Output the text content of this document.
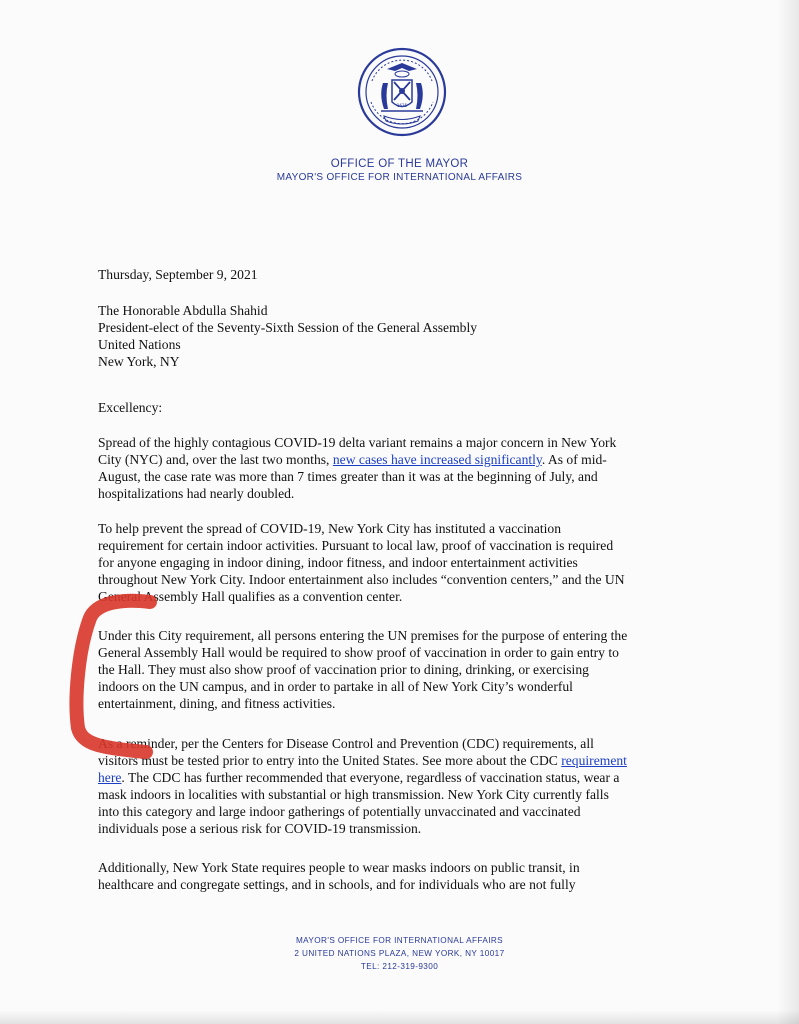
1625
OFFICE OF THE MAYOR
MAYOR'S OFFICE FOR INTERNATIONAL AFFAIRS
Thursday, September 9, 2021
The Honorable Abdulla Shahid
President-elect of the Seventy-Sixth Session of the General Assembly
United Nations
New York, NY
Excellency:
Spread of the highly contagious COVID-19 delta variant remains a major concern in New York
City (NYC) and, over the last two months, new cases have increased significantly. As of mid-
August, the case rate was more than 7 times greater than it was at the beginning of July, and
hospitalizations had nearly doubled.
To help prevent the spread of COVID-19, New York City has instituted a vaccination
requirement for certain indoor activities. Pursuant to local law, proof of vaccination is required
for anyone engaging in indoor dining, indoor fitness, and indoor entertainment activities
throughout New York City. Indoor entertainment also includes “convention centers,” and the UN
General Assembly Hall qualifies as a convention center.
Under this City requirement, all persons entering the UN premises for the purpose of entering the
General Assembly Hall would be required to show proof of vaccination in order to gain entry to
the Hall. They must also show proof of vaccination prior to dining, drinking, or exercising
indoors on the UN campus, and in order to partake in all of New York City’s wonderful
entertainment, dining, and fitness activities.
As a reminder, per the Centers for Disease Control and Prevention (CDC) requirements, all
visitors must be tested prior to entry into the United States. See more about the CDC requirement
here. The CDC has further recommended that everyone, regardless of vaccination status, wear a
mask indoors in localities with substantial or high transmission. New York City currently falls
into this category and large indoor gatherings of potentially unvaccinated and vaccinated
individuals pose a serious risk for COVID-19 transmission.
Additionally, New York State requires people to wear masks indoors on public transit, in
healthcare and congregate settings, and in schools, and for individuals who are not fully
MAYOR'S OFFICE FOR INTERNATIONAL AFFAIRS
2 UNITED NATIONS PLAZA, NEW YORK, NY 10017
TEL: 212-319-9300
